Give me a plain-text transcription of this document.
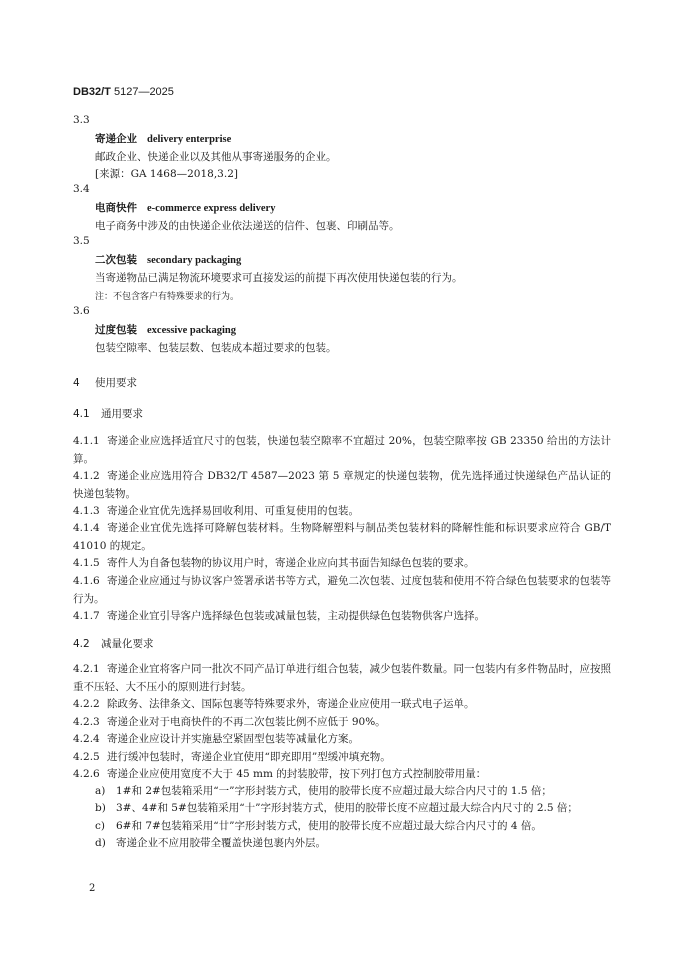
DB32/T 5127—2025
3.3
寄递企业 delivery enterprise
邮政企业、快递企业以及其他从事寄递服务的企业。
[来源：GA 1468—2018,3.2]
3.4
电商快件 e-commerce express delivery
电子商务中涉及的由快递企业依法递送的信件、包裹、印刷品等。
3.5
二次包装 secondary packaging
当寄递物品已满足物流环境要求可直接发运的前提下再次使用快递包装的行为。
注：不包含客户有特殊要求的行为。
3.6
过度包装 excessive packaging
包装空隙率、包装层数、包装成本超过要求的包装。
4 使用要求
4.1 通用要求
4.1.1 寄递企业应选择适宜尺寸的包装，快递包装空隙率不宜超过 20%，包装空隙率按 GB 23350 给出的方法计算。
4.1.2 寄递企业应选用符合 DB32/T 4587—2023 第 5 章规定的快递包装物，优先选择通过快递绿色产品认证的快递包装物。
4.1.3 寄递企业宜优先选择易回收利用、可重复使用的包装。
4.1.4 寄递企业宜优先选择可降解包装材料。生物降解塑料与制品类包装材料的降解性能和标识要求应符合 GB/T 41010 的规定。
4.1.5 寄件人为自备包装物的协议用户时，寄递企业应向其书面告知绿色包装的要求。
4.1.6 寄递企业应通过与协议客户签署承诺书等方式，避免二次包装、过度包装和使用不符合绿色包装要求的包装等行为。
4.1.7 寄递企业宜引导客户选择绿色包装或减量包装，主动提供绿色包装物供客户选择。
4.2 减量化要求
4.2.1 寄递企业宜将客户同一批次不同产品订单进行组合包装，减少包装件数量。同一包装内有多件物品时，应按照重不压轻、大不压小的原则进行封装。
4.2.2 除政务、法律条文、国际包裹等特殊要求外，寄递企业应使用一联式电子运单。
4.2.3 寄递企业对于电商快件的不再二次包装比例不应低于 90%。
4.2.4 寄递企业应设计并实施悬空紧固型包装等减量化方案。
4.2.5 进行缓冲包装时，寄递企业宜使用“即充即用”型缓冲填充物。
4.2.6 寄递企业应使用宽度不大于 45 mm 的封装胶带，按下列打包方式控制胶带用量：
a) 1#和 2#包装箱采用“一”字形封装方式，使用的胶带长度不应超过最大综合内尺寸的 1.5 倍；
b) 3#、4#和 5#包装箱采用“十”字形封装方式，使用的胶带长度不应超过最大综合内尺寸的 2.5 倍；
c) 6#和 7#包装箱采用“廿”字形封装方式，使用的胶带长度不应超过最大综合内尺寸的 4 倍。
d) 寄递企业不应用胶带全覆盖快递包裹内外层。
2
